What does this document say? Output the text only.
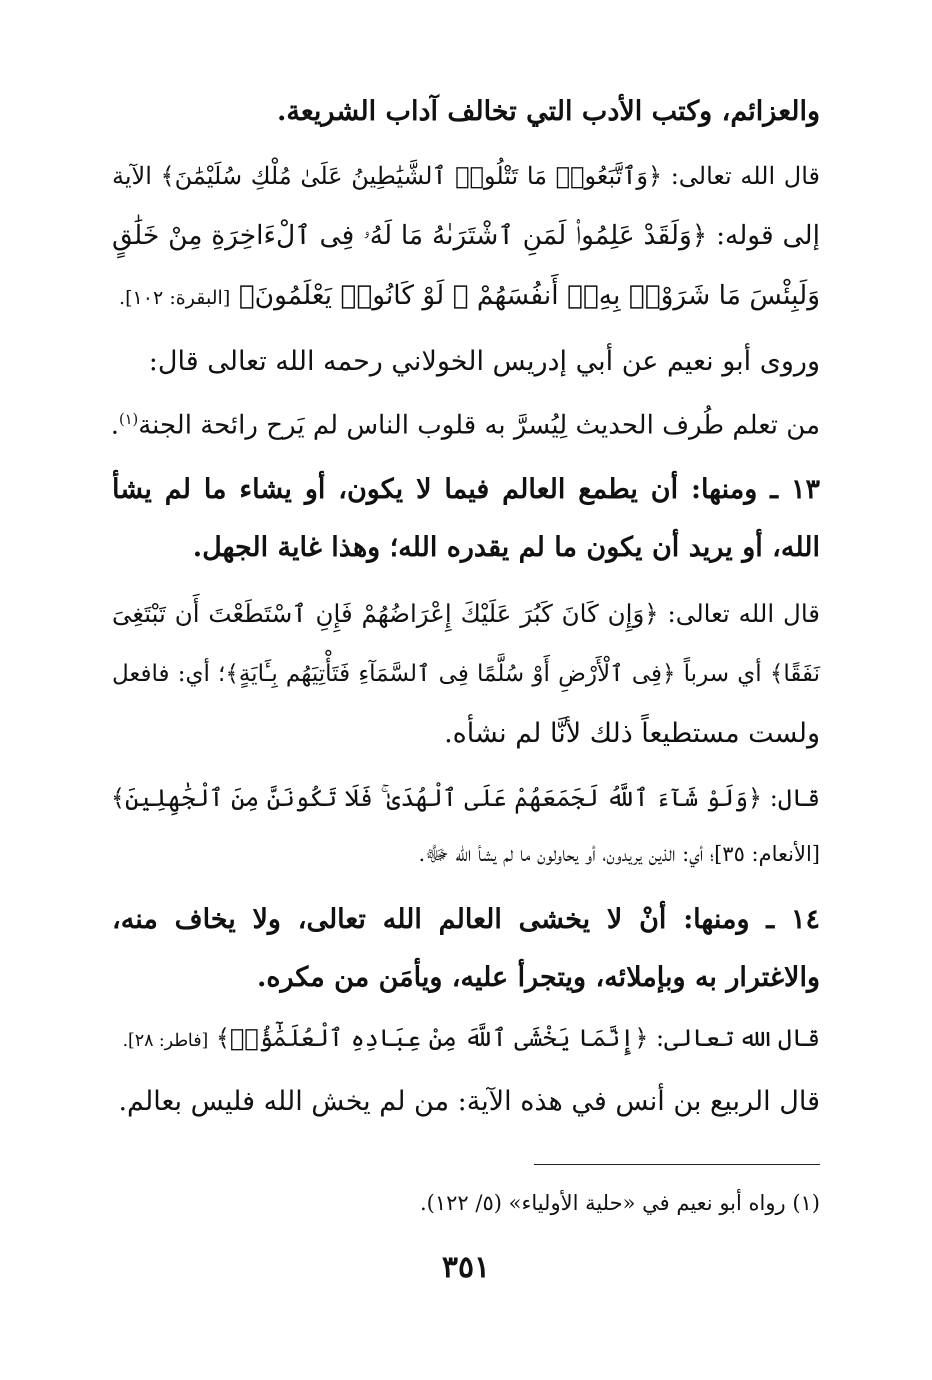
والعزائم، وكتب الأدب التي تخالف آداب الشريعة.
قال الله تعالى: ﴿وَٱتَّبَعُوا۟ مَا تَتْلُوا۟ ٱلشَّيَٰطِينُ عَلَىٰ مُلْكِ سُلَيْمَٰنَ﴾ الآية
إلى قوله: ﴿وَلَقَدْ عَلِمُوا۟ لَمَنِ ٱشْتَرَىٰهُ مَا لَهُۥ فِى ٱلْءَاخِرَةِ مِنْ خَلَٰقٍ
وَلَبِئْسَ مَا شَرَوْا۟ بِهِۦٓ أَنفُسَهُمْ ۚ لَوْ كَانُوا۟ يَعْلَمُونَ﴾ [البقرة: ١٠٢].
وروى أبو نعيم عن أبي إدريس الخولاني رحمه الله تعالى قال:
من تعلم طُرف الحديث لِيُسرَّ به قلوب الناس لم يَرح رائحة الجنة$^{(١)}$.
١٣ ـ ومنها: أن يطمع العالم فيما لا يكون، أو يشاء ما لم يشأ
الله، أو يريد أن يكون ما لم يقدره الله؛ وهذا غاية الجهل.
قال الله تعالى: ﴿وَإِن كَانَ كَبُرَ عَلَيْكَ إِعْرَاضُهُمْ فَإِنِ ٱسْتَطَعْتَ أَن تَبْتَغِىَ
نَفَقًا﴾ أي سرباً ﴿فِى ٱلْأَرْضِ أَوْ سُلَّمًا فِى ٱلسَّمَآءِ فَتَأْتِيَهُم بِـَٔايَةٍ﴾؛ أي: فافعل
ولست مستطيعاً ذلك لأنَّا لم نشأه.
قال: ﴿وَلَوْ شَآءَ ٱللَّهُ لَجَمَعَهُمْ عَلَى ٱلْهُدَىٰ ۚ فَلَا تَكُونَنَّ مِنَ ٱلْجَٰهِلِينَ﴾
[الأنعام: ٣٥]؛ أي: الذين يريدون، أو يحاولون ما لم يشأ الله ﷻ.
١٤ ـ ومنها: أنْ لا يخشى العالم الله تعالى، ولا يخاف منه،
والاغترار به وبإملائه، ويتجرأ عليه، ويأمَن من مكره.
قال الله تعالى: ﴿إِنَّمَا يَخْشَى ٱللَّهَ مِنْ عِبَادِهِ ٱلْعُلَمَٰٓؤُا۟﴾ [فاطر: ٢٨].
قال الربيع بن أنس في هذه الآية: من لم يخش الله فليس بعالم.
(١) رواه أبو نعيم في «حلية الأولياء» (٥/ ١٢٢).
٣٥١
